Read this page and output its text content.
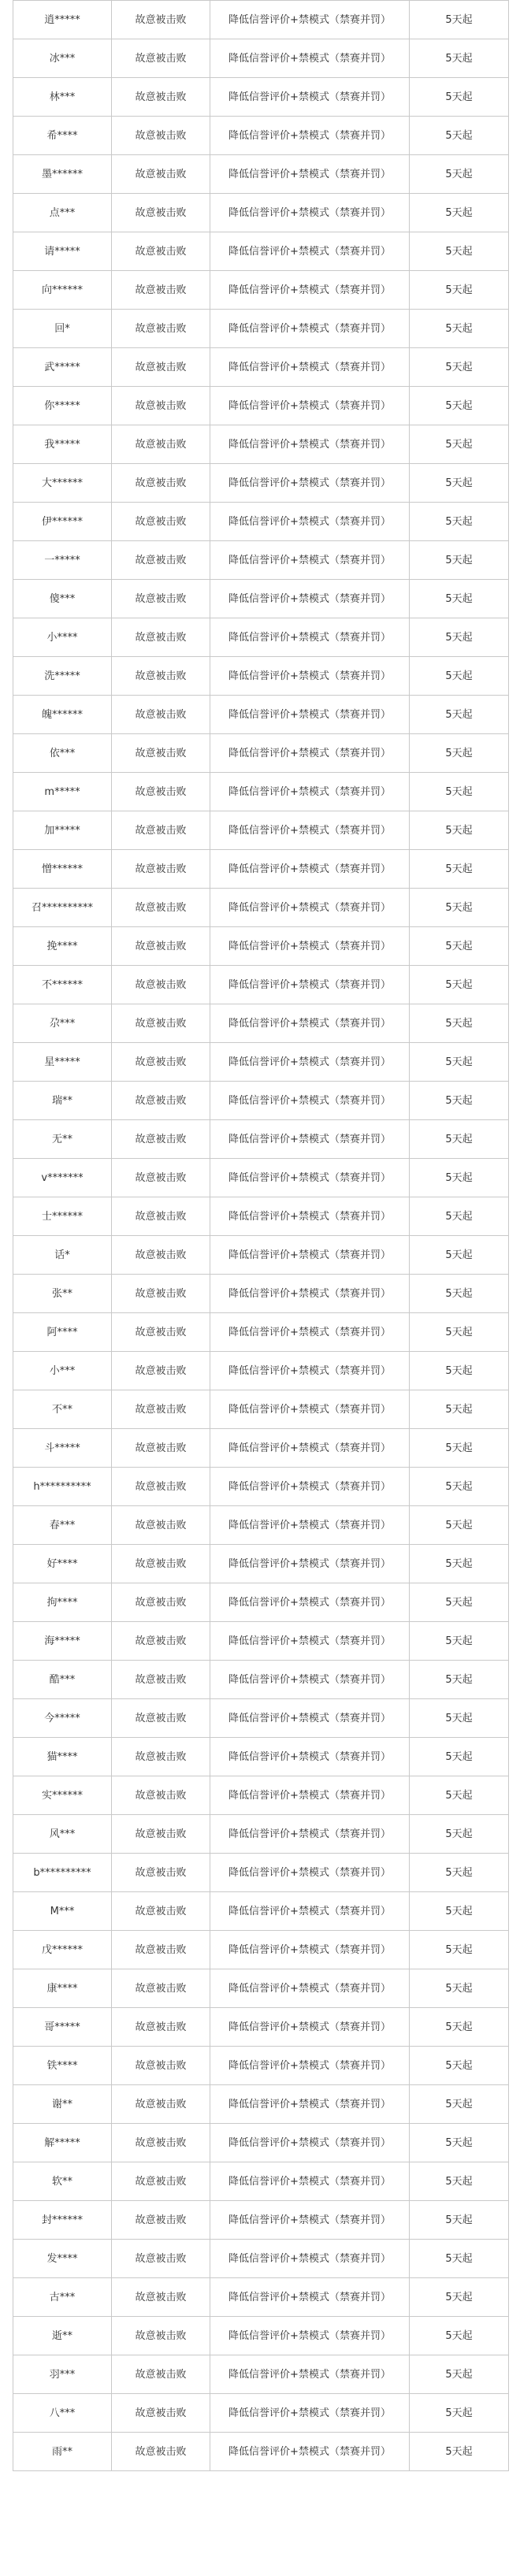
逍*****	故意被击败	降低信誉评价+禁模式（禁赛并罚）	5天起
冰***	故意被击败	降低信誉评价+禁模式（禁赛并罚）	5天起
林***	故意被击败	降低信誉评价+禁模式（禁赛并罚）	5天起
希****	故意被击败	降低信誉评价+禁模式（禁赛并罚）	5天起
墨******	故意被击败	降低信誉评价+禁模式（禁赛并罚）	5天起
点***	故意被击败	降低信誉评价+禁模式（禁赛并罚）	5天起
请*****	故意被击败	降低信誉评价+禁模式（禁赛并罚）	5天起
向******	故意被击败	降低信誉评价+禁模式（禁赛并罚）	5天起
回*	故意被击败	降低信誉评价+禁模式（禁赛并罚）	5天起
武*****	故意被击败	降低信誉评价+禁模式（禁赛并罚）	5天起
你*****	故意被击败	降低信誉评价+禁模式（禁赛并罚）	5天起
我*****	故意被击败	降低信誉评价+禁模式（禁赛并罚）	5天起
大******	故意被击败	降低信誉评价+禁模式（禁赛并罚）	5天起
伊******	故意被击败	降低信誉评价+禁模式（禁赛并罚）	5天起
一*****	故意被击败	降低信誉评价+禁模式（禁赛并罚）	5天起
傻***	故意被击败	降低信誉评价+禁模式（禁赛并罚）	5天起
小****	故意被击败	降低信誉评价+禁模式（禁赛并罚）	5天起
洗*****	故意被击败	降低信誉评价+禁模式（禁赛并罚）	5天起
魄******	故意被击败	降低信誉评价+禁模式（禁赛并罚）	5天起
依***	故意被击败	降低信誉评价+禁模式（禁赛并罚）	5天起
m*****	故意被击败	降低信誉评价+禁模式（禁赛并罚）	5天起
加*****	故意被击败	降低信誉评价+禁模式（禁赛并罚）	5天起
憎******	故意被击败	降低信誉评价+禁模式（禁赛并罚）	5天起
召**********	故意被击败	降低信誉评价+禁模式（禁赛并罚）	5天起
挽****	故意被击败	降低信誉评价+禁模式（禁赛并罚）	5天起
不******	故意被击败	降低信誉评价+禁模式（禁赛并罚）	5天起
尕***	故意被击败	降低信誉评价+禁模式（禁赛并罚）	5天起
星*****	故意被击败	降低信誉评价+禁模式（禁赛并罚）	5天起
瑞**	故意被击败	降低信誉评价+禁模式（禁赛并罚）	5天起
无**	故意被击败	降低信誉评价+禁模式（禁赛并罚）	5天起
v*******	故意被击败	降低信誉评价+禁模式（禁赛并罚）	5天起
士******	故意被击败	降低信誉评价+禁模式（禁赛并罚）	5天起
话*	故意被击败	降低信誉评价+禁模式（禁赛并罚）	5天起
张**	故意被击败	降低信誉评价+禁模式（禁赛并罚）	5天起
阿****	故意被击败	降低信誉评价+禁模式（禁赛并罚）	5天起
小***	故意被击败	降低信誉评价+禁模式（禁赛并罚）	5天起
不**	故意被击败	降低信誉评价+禁模式（禁赛并罚）	5天起
斗*****	故意被击败	降低信誉评价+禁模式（禁赛并罚）	5天起
h**********	故意被击败	降低信誉评价+禁模式（禁赛并罚）	5天起
春***	故意被击败	降低信誉评价+禁模式（禁赛并罚）	5天起
好****	故意被击败	降低信誉评价+禁模式（禁赛并罚）	5天起
拘****	故意被击败	降低信誉评价+禁模式（禁赛并罚）	5天起
海*****	故意被击败	降低信誉评价+禁模式（禁赛并罚）	5天起
酷***	故意被击败	降低信誉评价+禁模式（禁赛并罚）	5天起
今*****	故意被击败	降低信誉评价+禁模式（禁赛并罚）	5天起
猫****	故意被击败	降低信誉评价+禁模式（禁赛并罚）	5天起
实******	故意被击败	降低信誉评价+禁模式（禁赛并罚）	5天起
风***	故意被击败	降低信誉评价+禁模式（禁赛并罚）	5天起
b**********	故意被击败	降低信誉评价+禁模式（禁赛并罚）	5天起
M***	故意被击败	降低信誉评价+禁模式（禁赛并罚）	5天起
戊******	故意被击败	降低信誉评价+禁模式（禁赛并罚）	5天起
康****	故意被击败	降低信誉评价+禁模式（禁赛并罚）	5天起
哥*****	故意被击败	降低信誉评价+禁模式（禁赛并罚）	5天起
铁****	故意被击败	降低信誉评价+禁模式（禁赛并罚）	5天起
谢**	故意被击败	降低信誉评价+禁模式（禁赛并罚）	5天起
解*****	故意被击败	降低信誉评价+禁模式（禁赛并罚）	5天起
软**	故意被击败	降低信誉评价+禁模式（禁赛并罚）	5天起
封******	故意被击败	降低信誉评价+禁模式（禁赛并罚）	5天起
发****	故意被击败	降低信誉评价+禁模式（禁赛并罚）	5天起
古***	故意被击败	降低信誉评价+禁模式（禁赛并罚）	5天起
逝**	故意被击败	降低信誉评价+禁模式（禁赛并罚）	5天起
羽***	故意被击败	降低信誉评价+禁模式（禁赛并罚）	5天起
八***	故意被击败	降低信誉评价+禁模式（禁赛并罚）	5天起
雨**	故意被击败	降低信誉评价+禁模式（禁赛并罚）	5天起
